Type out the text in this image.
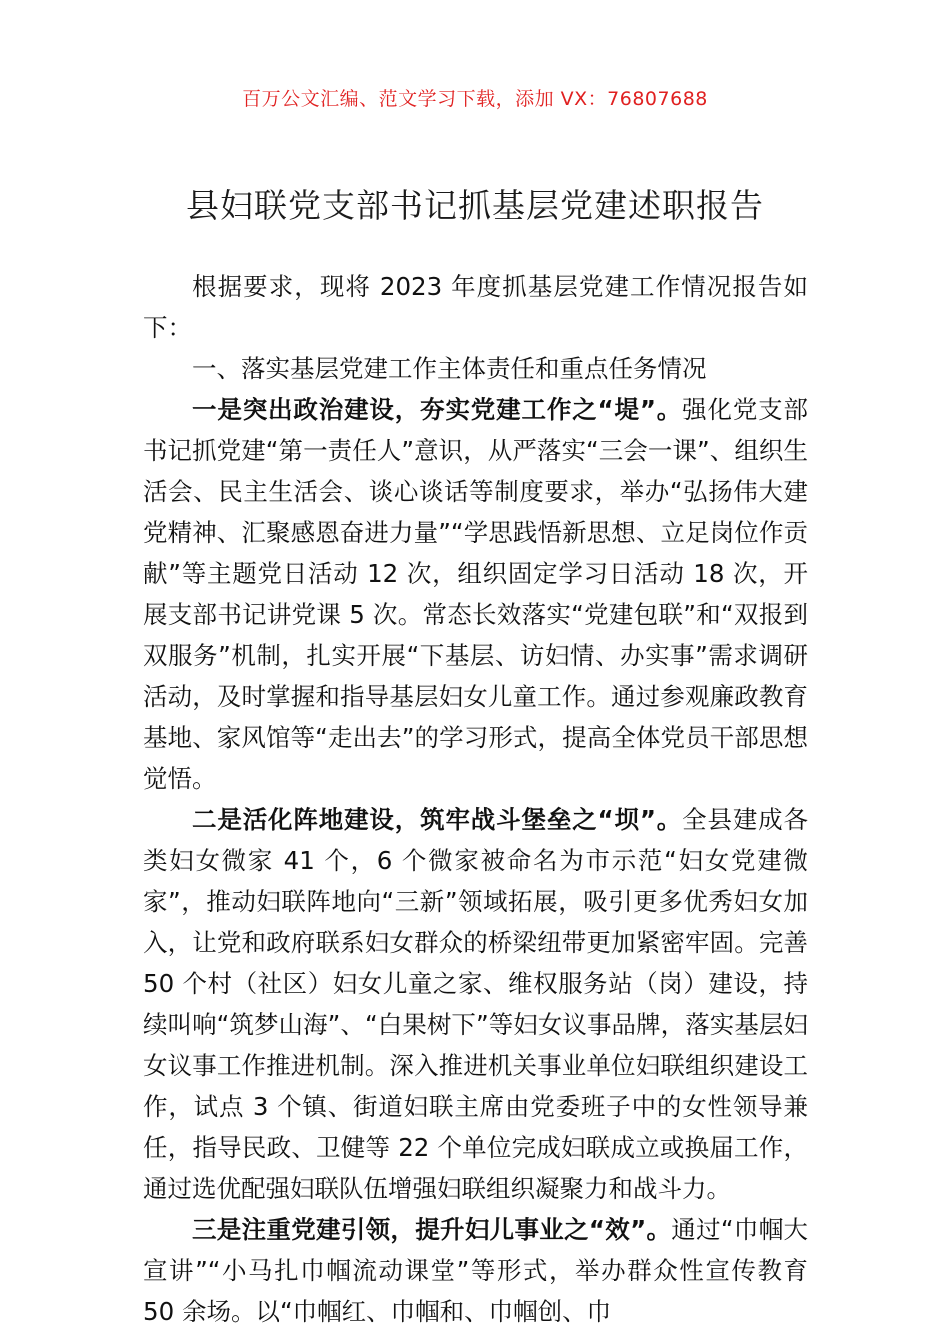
百万公文汇编、范文学习下载，添加 VX：76807688
县妇联党支部书记抓基层党建述职报告

根据要求，现将 2023 年度抓基层党建工作情况报告如下：

一、落实基层党建工作主体责任和重点任务情况

一是突出政治建设，夯实党建工作之“堤”。强化党支部书记抓党建“第一责任人”意识，从严落实“三会一课”、组织生活会、民主生活会、谈心谈话等制度要求，举办“弘扬伟大建党精神、汇聚感恩奋进力量”“学思践悟新思想、立足岗位作贡献”等主题党日活动 12 次，组织固定学习日活动 18 次，开展支部书记讲党课 5 次。常态长效落实“党建包联”和“双报到双服务”机制，扎实开展“下基层、访妇情、办实事”需求调研活动，及时掌握和指导基层妇女儿童工作。通过参观廉政教育基地、家风馆等“走出去”的学习形式，提高全体党员干部思想觉悟。

二是活化阵地建设，筑牢战斗堡垒之“坝”。全县建成各类妇女微家 41 个，6 个微家被命名为市示范“妇女党建微家”，推动妇联阵地向“三新”领域拓展，吸引更多优秀妇女加入，让党和政府联系妇女群众的桥梁纽带更加紧密牢固。完善 50 个村（社区）妇女儿童之家、维权服务站（岗）建设，持续叫响“筑梦山海”、“白果树下”等妇女议事品牌，落实基层妇女议事工作推进机制。深入推进机关事业单位妇联组织建设工作，试点 3 个镇、街道妇联主席由党委班子中的女性领导兼任，指导民政、卫健等 22 个单位完成妇联成立或换届工作，通过选优配强妇联队伍增强妇联组织凝聚力和战斗力。

三是注重党建引领，提升妇儿事业之“效”。通过“巾帼大宣讲”“小马扎巾帼流动课堂”等形式，举办群众性宣传教育 50 余场。以“巾帼红、巾帼和、巾帼创、巾
